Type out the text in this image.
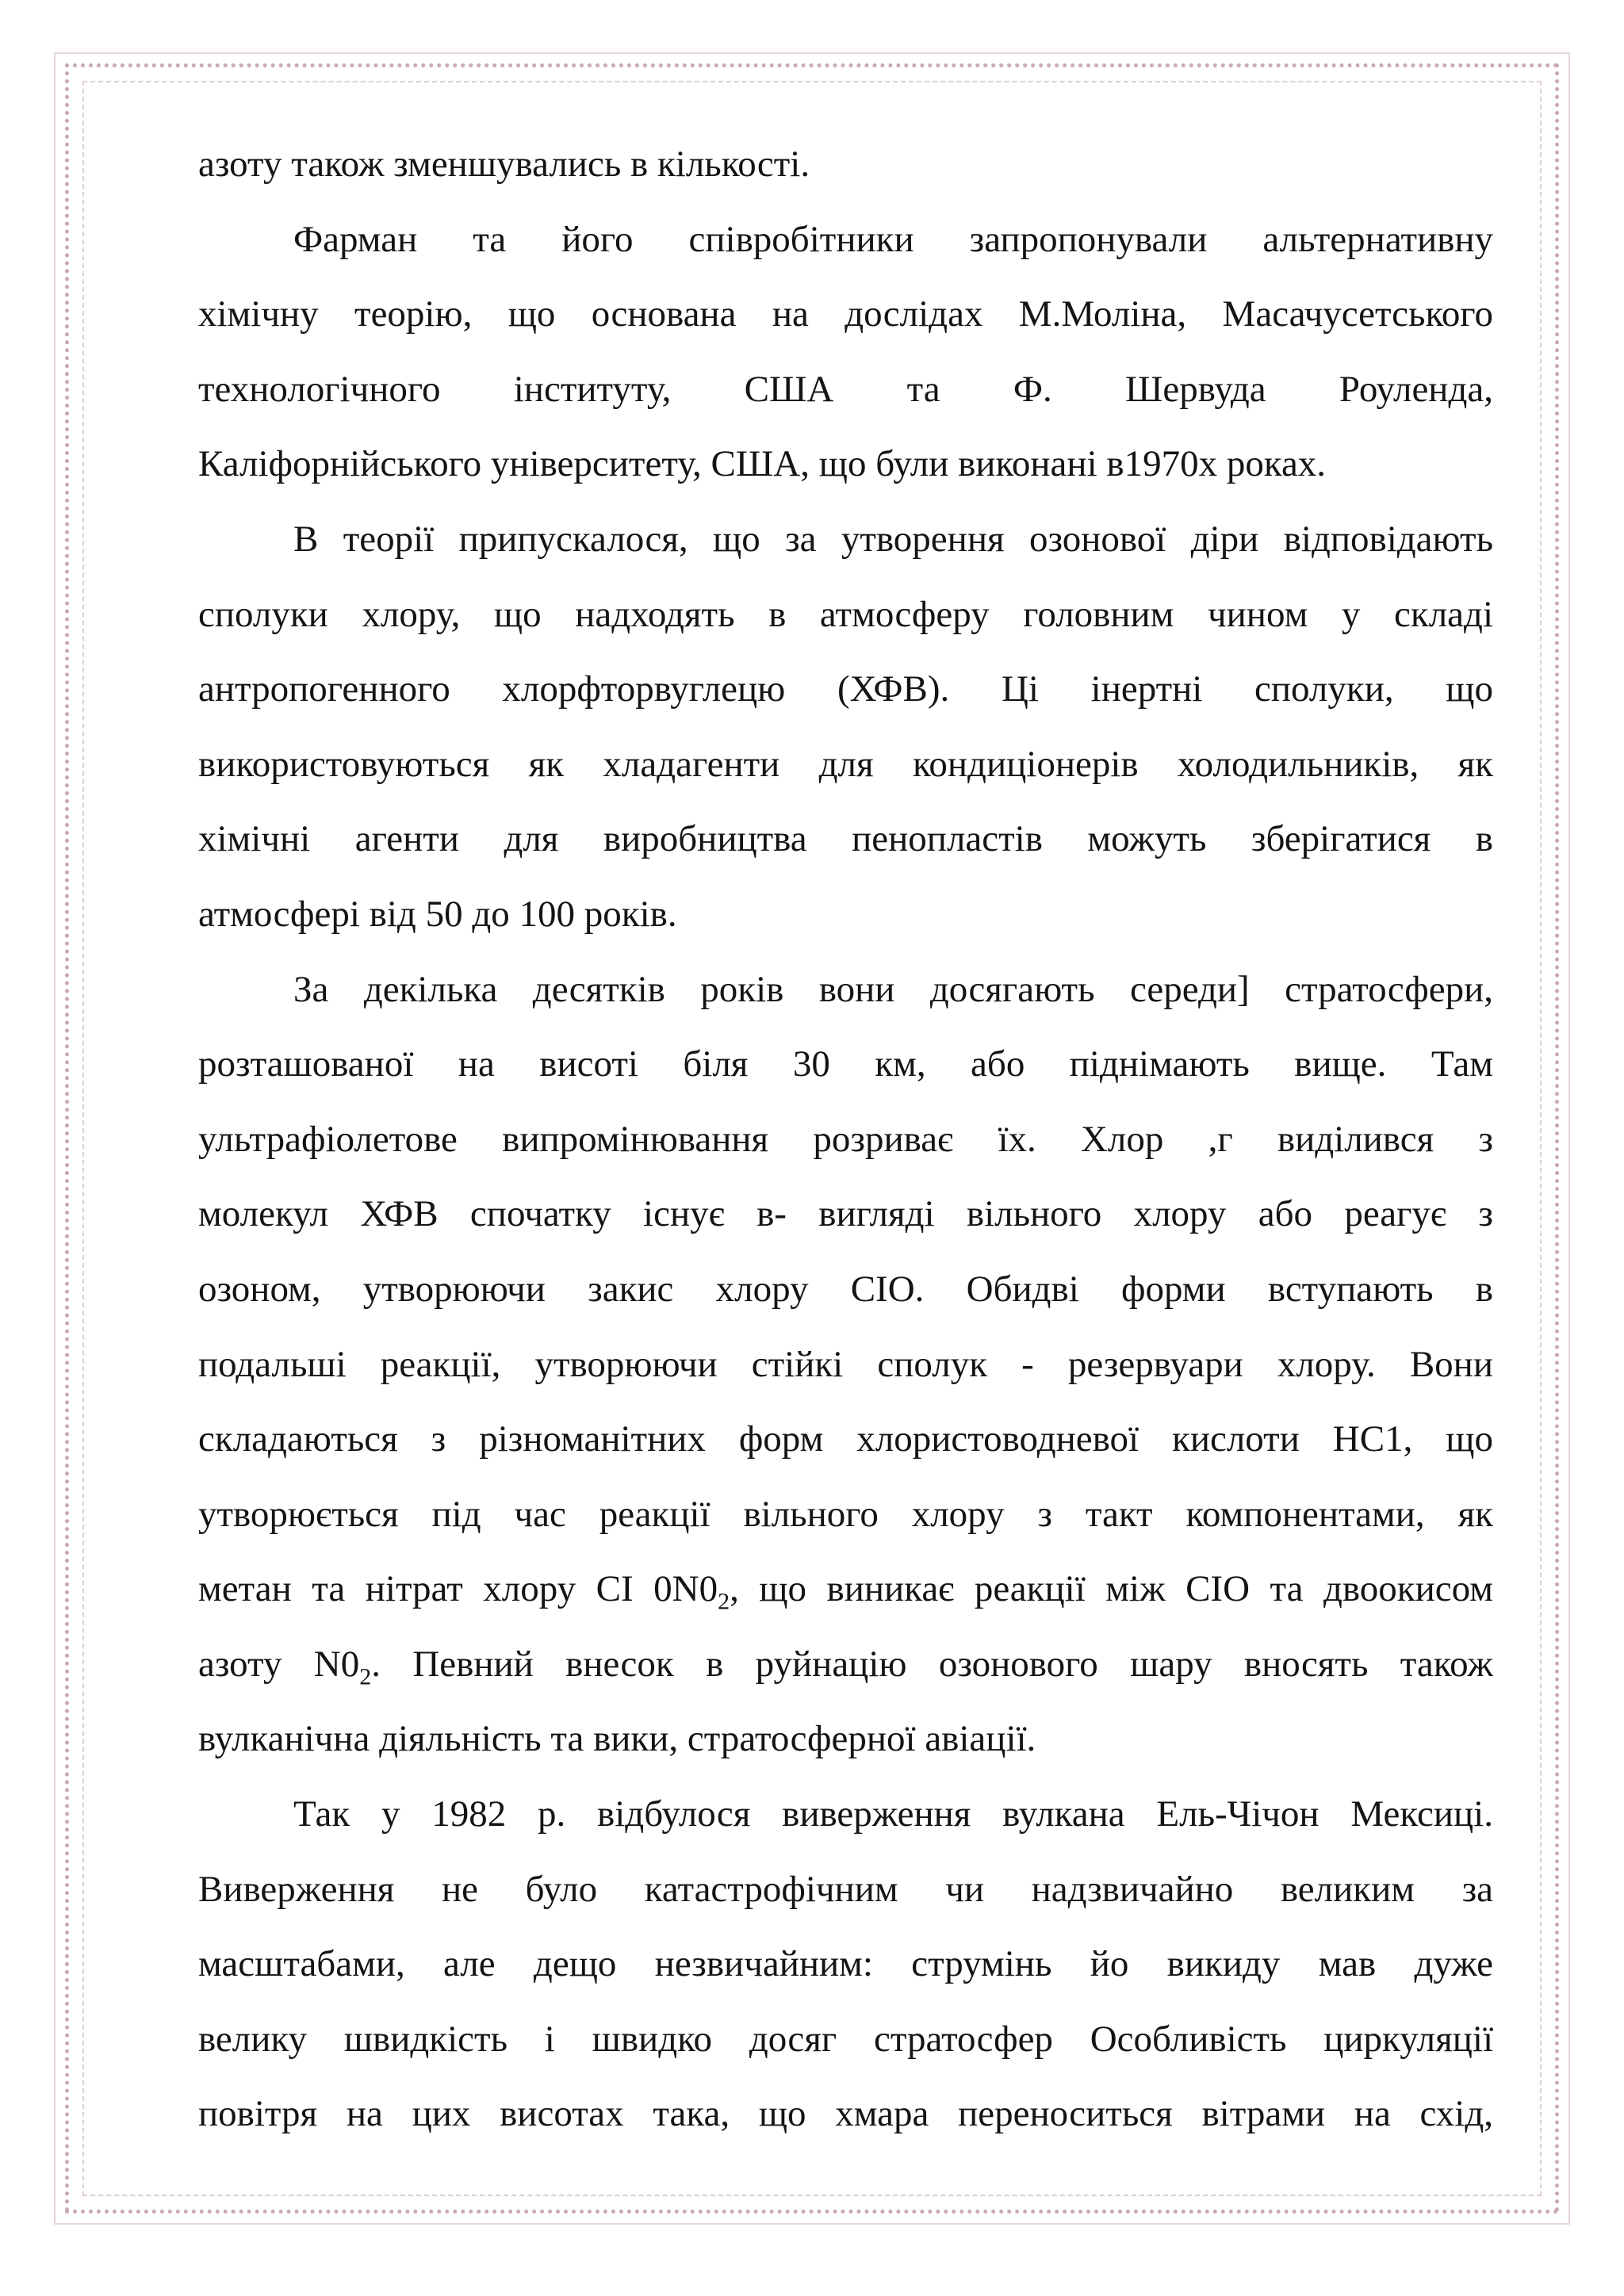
азоту також зменшувались в кількості.
Фарман та його співробітники запропонували альтернативну
хімічну теорію, що основана на дослідах М.Моліна, Масачусетського
технологічного інституту, США та Ф. Шервуда Роуленда,
Каліфорнійського університету, США, що були виконані в1970х роках.
В теорії припускалося, що за утворення озонової діри відповідають
сполуки хлору, що надходять в атмосферу головним чином у складі
антропогенного хлорфторвуглецю (ХФВ). Ці інертні сполуки, що
використовуються як хладагенти для кондиціонерів холодильників, як
хімічні агенти для виробництва пенопластів можуть зберігатися в
атмосфері від 50 до 100 років.
За декілька десятків років вони досягають середи] стратосфери,
розташованої на висоті біля 30 км, або піднімають вище. Там
ультрафіолетове випромінювання розриває їх. Хлор ,г виділився з
молекул ХФВ спочатку існує в- вигляді вільного хлору або реагує з
озоном, утворюючи закис хлору СІО. Обидві форми вступають в
подальші реакції, утворюючи стійкі сполук - резервуари хлору. Вони
складаються з різноманітних форм хлористоводневої кислоти НС1, що
утворюється під час реакції вільного хлору з такт компонентами, як
метан та нітрат хлору СІ $0N0_2$, що виникає реакції між СІО та двоокисом
азоту $N0_2$. Певний внесок в руйнацію озонового шару вносять також
вулканічна діяльність та вики, стратосферної авіації.
Так у 1982 р. відбулося виверження вулкана Ель-Чічон Мексиці.
Виверження не було катастрофічним чи надзвичайно великим за
масштабами, але дещо незвичайним: струмінь йо викиду мав дуже
велику швидкість і швидко досяг стратосфер Особливість циркуляції
повітря на цих висотах така, що хмара переноситься вітрами на схід,
